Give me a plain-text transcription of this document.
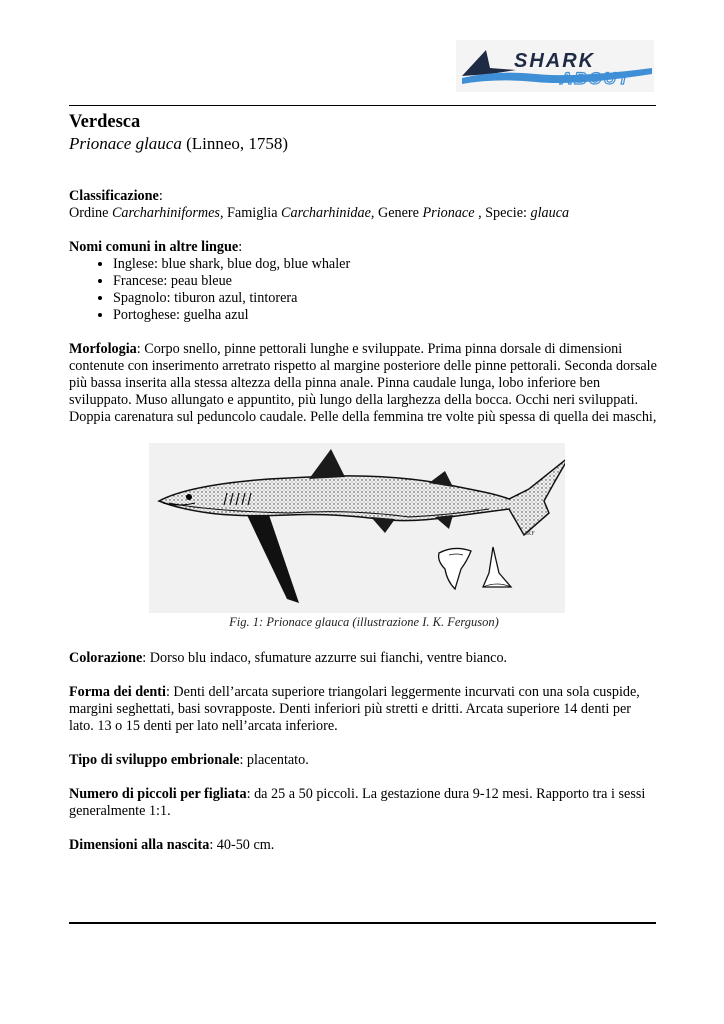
SHARK
ABOUT
Verdesca
Prionace glauca (Linneo, 1758)

Classificazione:
Ordine Carcharhiniformes, Famiglia Carcharhinidae, Genere Prionace , Specie: glauca

Nomi comuni in altre lingue:
• Inglese: blue shark, blue dog, blue whaler
• Francese: peau bleue
• Spagnolo: tiburon azul, tintorera
• Portoghese: guelha azul

Morfologia: Corpo snello, pinne pettorali lunghe e sviluppate. Prima pinna dorsale di dimensioni contenute con inserimento arretrato rispetto al margine posteriore delle pinne pettorali. Seconda dorsale più bassa inserita alla stessa altezza della pinna anale. Pinna caudale lunga, lobo inferiore ben sviluppato. Muso allungato e appuntito, più lungo della larghezza della bocca. Occhi neri sviluppati. Doppia carenatura sul peduncolo caudale. Pelle della femmina tre volte più spessa di quella dei maschi,

IKF
Fig. 1: Prionace glauca (illustrazione I. K. Ferguson)

Colorazione: Dorso blu indaco, sfumature azzurre sui fianchi, ventre bianco.

Forma dei denti: Denti dell’arcata superiore triangolari leggermente incurvati con una sola cuspide, margini seghettati, basi sovrapposte. Denti inferiori più stretti e dritti. Arcata superiore 14 denti per lato. 13 o 15 denti per lato nell’arcata inferiore.

Tipo di sviluppo embrionale: placentato.

Numero di piccoli per figliata: da 25 a 50 piccoli. La gestazione dura 9-12 mesi. Rapporto tra i sessi generalmente 1:1.

Dimensioni alla nascita: 40-50 cm.
